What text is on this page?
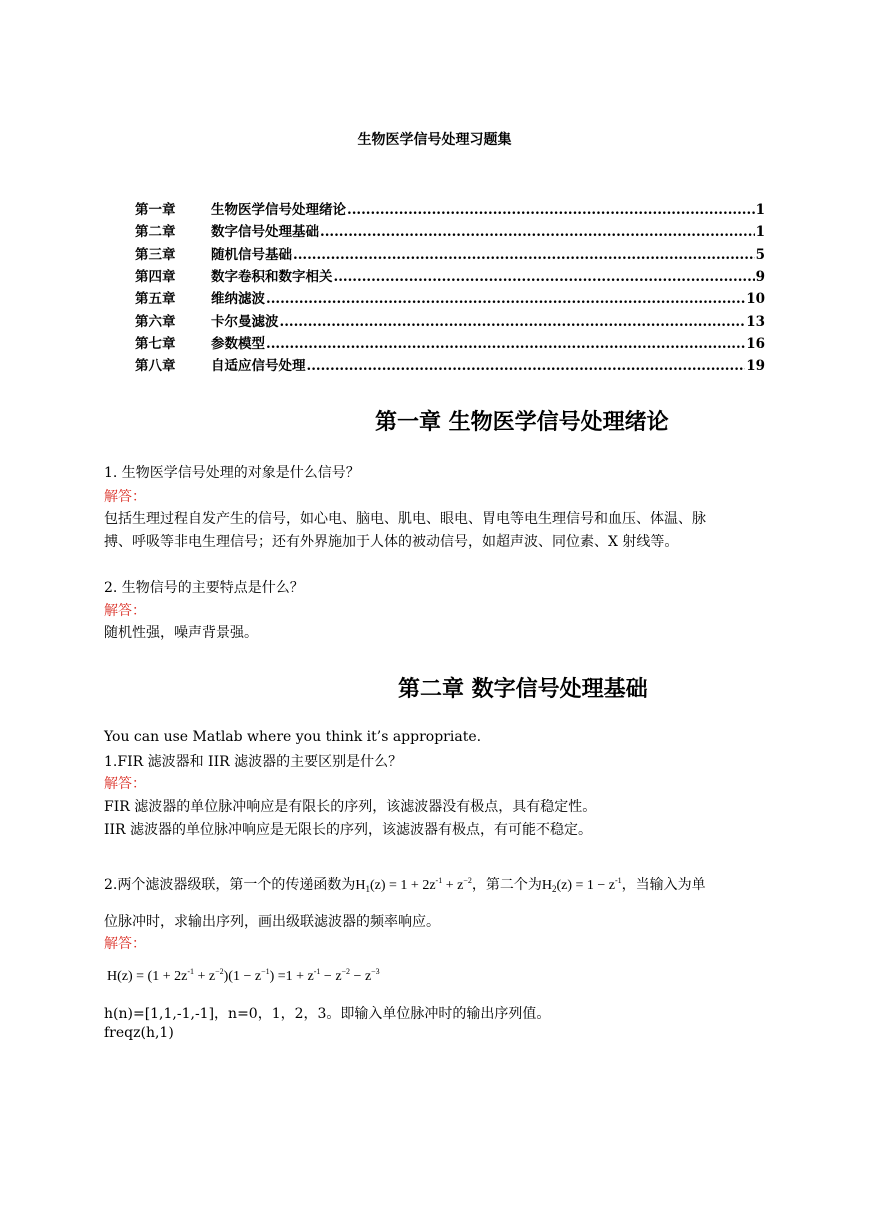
生物医学信号处理习题集
第一章	生物医学信号处理绪论 .....	1
第二章	数字信号处理基础 .....	1
第三章	随机信号基础 .....	5
第四章	数字卷积和数字相关 .....	9
第五章	维纳滤波 .....	10
第六章	卡尔曼滤波 .....	13
第七章	参数模型 .....	16
第八章	自适应信号处理 .....	19
第一章 生物医学信号处理绪论
1. 生物医学信号处理的对象是什么信号？
解答：
包括生理过程自发产生的信号，如心电、脑电、肌电、眼电、胃电等电生理信号和血压、体温、脉
搏、呼吸等非电生理信号；还有外界施加于人体的被动信号，如超声波、同位素、X 射线等。
2. 生物信号的主要特点是什么？
解答：
随机性强，噪声背景强。
第二章 数字信号处理基础
You can use Matlab where you think it’s appropriate.
1.FIR 滤波器和 IIR 滤波器的主要区别是什么？
解答：
FIR 滤波器的单位脉冲响应是有限长的序列，该滤波器没有极点，具有稳定性。
IIR 滤波器的单位脉冲响应是无限长的序列，该滤波器有极点，有可能不稳定。
2.两个滤波器级联，第一个的传递函数为$H_1(z) = 1 + 2z^{-1} + z^{-2}$，第二个为$H_2(z) = 1 - z^{-1}$，当输入为单
位脉冲时，求输出序列，画出级联滤波器的频率响应。
解答：
$H(z) = (1 + 2z^{-1} + z^{-2})(1 - z^{-1}) =1 + z^{-1} - z^{-2} - z^{-3}$
h(n)=[1,1,-1,-1]，n=0，1，2，3。即输入单位脉冲时的输出序列值。
freqz(h,1)
